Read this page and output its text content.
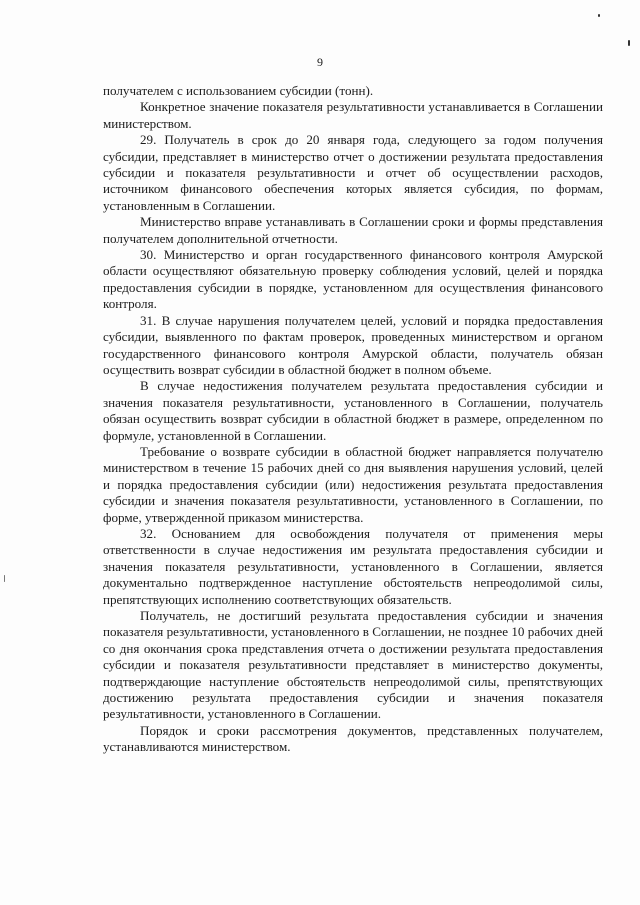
9

получателем с использованием субсидии (тонн).

Конкретное значение показателя результативности устанавливается в Соглашении министерством.

29. Получатель в срок до 20 января года, следующего за годом получения субсидии, представляет в министерство отчет о достижении результата предоставления субсидии и показателя результативности и отчет об осуществлении расходов, источником финансового обеспечения которых является субсидия, по формам, установленным в Соглашении.

Министерство вправе устанавливать в Соглашении сроки и формы представления получателем дополнительной отчетности.

30. Министерство и орган государственного финансового контроля Амурской области осуществляют обязательную проверку соблюдения условий, целей и порядка предоставления субсидии в порядке, установленном для осуществления финансового контроля.

31. В случае нарушения получателем целей, условий и порядка предоставления субсидии, выявленного по фактам проверок, проведенных министерством и органом государственного финансового контроля Амурской области, получатель обязан осуществить возврат субсидии в областной бюджет в полном объеме.

В случае недостижения получателем результата предоставления субсидии и значения показателя результативности, установленного в Соглашении, получатель обязан осуществить возврат субсидии в областной бюджет в размере, определенном по формуле, установленной в Соглашении.

Требование о возврате субсидии в областной бюджет направляется получателю министерством в течение 15 рабочих дней со дня выявления нарушения условий, целей и порядка предоставления субсидии (или) недостижения результата предоставления субсидии и значения показателя результативности, установленного в Соглашении, по форме, утвержденной приказом министерства.

32. Основанием для освобождения получателя от применения меры ответственности в случае недостижения им результата предоставления субсидии и значения показателя результативности, установленного в Соглашении, является документально подтвержденное наступление обстоятельств непреодолимой силы, препятствующих исполнению соответствующих обязательств.

Получатель, не достигший результата предоставления субсидии и значения показателя результативности, установленного в Соглашении, не позднее 10 рабочих дней со дня окончания срока представления отчета о достижении результата предоставления субсидии и показателя результативности представляет в министерство документы, подтверждающие наступление обстоятельств непреодолимой силы, препятствующих достижению результата предоставления субсидии и значения показателя результативности, установленного в Соглашении.

Порядок и сроки рассмотрения документов, представленных получателем, устанавливаются министерством.
